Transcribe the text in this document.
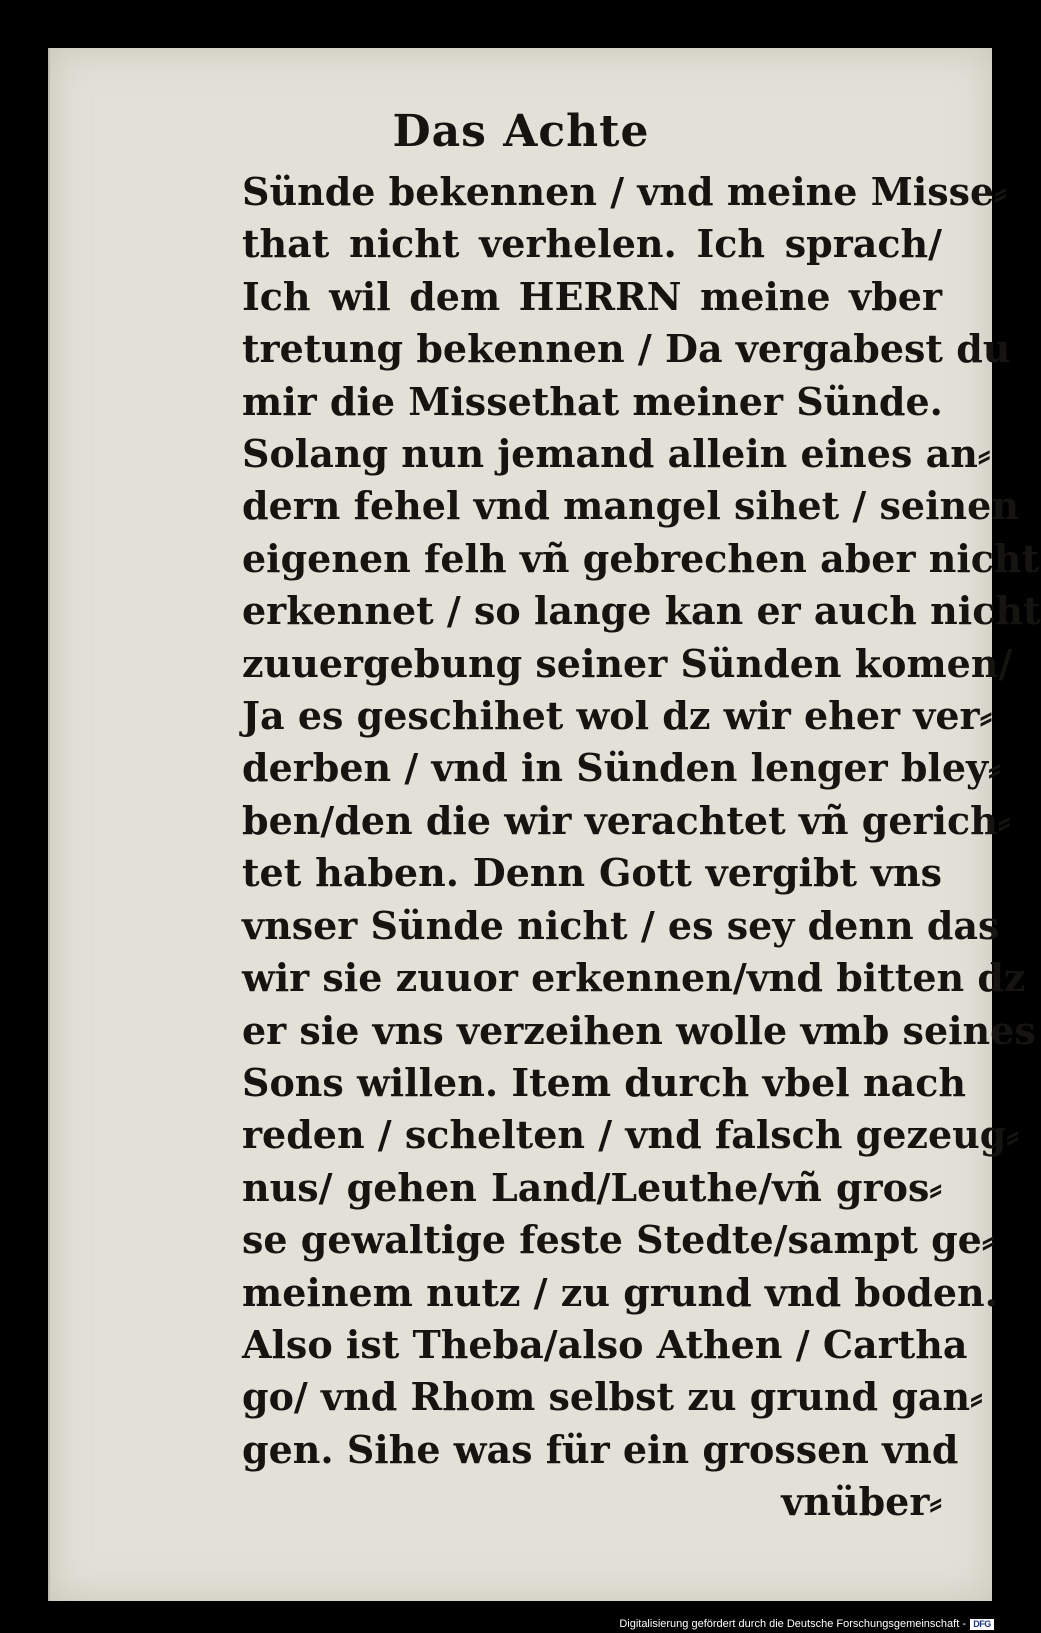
Das Achte
Sünde bekennen / vnd meine Misse⸗
that nicht verhelen. Ich sprach/
Ich wil dem HERRN meine vber
tretung bekennen / Da vergabest du
mir die Missethat meiner Sünde.
Solang nun jemand allein eines an⸗
dern fehel vnd mangel sihet / seinen
eigenen felh vñ gebrechen aber nicht
erkennet / so lange kan er auch nicht
zuuergebung seiner Sünden komen/
Ja es geschihet wol dz wir eher ver⸗
derben / vnd in Sünden lenger bley⸗
ben/den die wir verachtet vñ gerich⸗
tet haben. Denn Gott vergibt vns
vnser Sünde nicht / es sey denn das
wir sie zuuor erkennen/vnd bitten dz
er sie vns verzeihen wolle vmb seines
Sons willen. Item durch vbel nach
reden / schelten / vnd falsch gezeug⸗
nus/ gehen Land/Leuthe/vñ gros⸗
se gewaltige feste Stedte/sampt ge⸗
meinem nutz / zu grund vnd boden.
Also ist Theba/also Athen / Cartha
go/ vnd Rhom selbst zu grund gan⸗
gen. Sihe was für ein grossen vnd
vnüber⸗
Digitalisierung gefördert durch die Deutsche Forschungsgemeinschaft - DFG
